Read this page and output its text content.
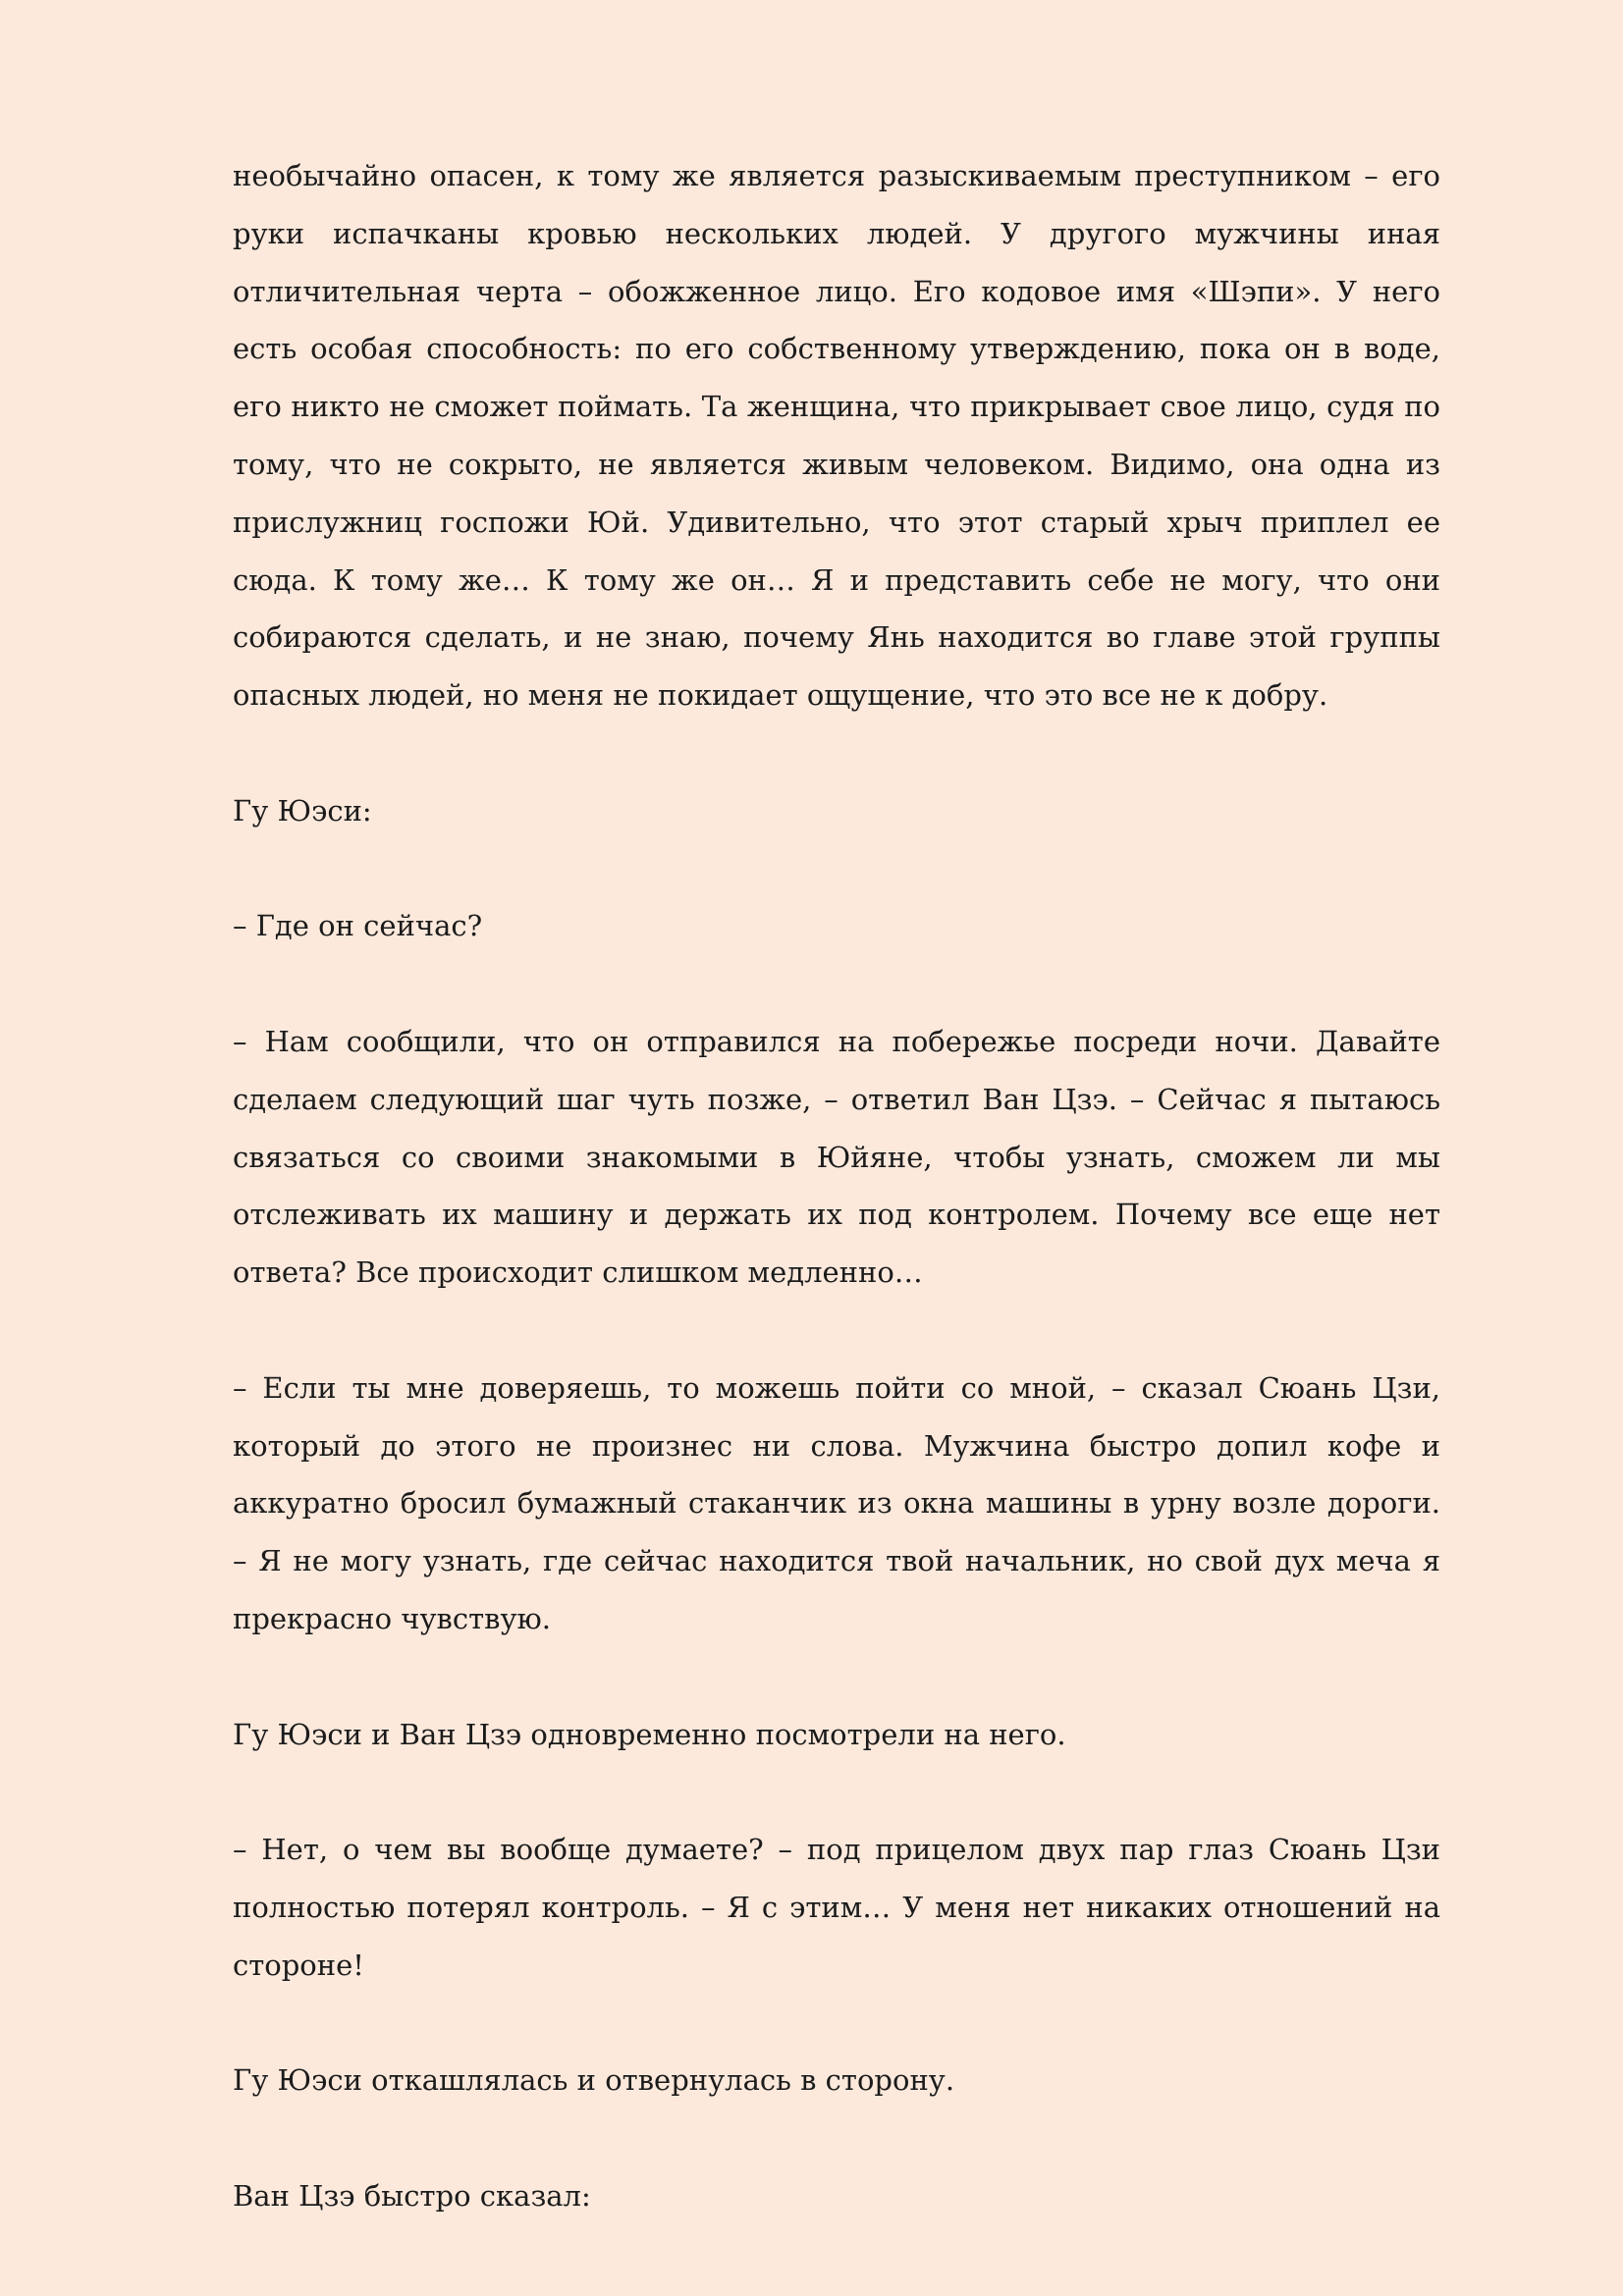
необычайно опасен, к тому же является разыскиваемым преступником – его руки испачканы кровью нескольких людей. У другого мужчины иная отличительная черта – обожженное лицо. Его кодовое имя «Шэпи». У него есть особая способность: по его собственному утверждению, пока он в воде, его никто не сможет поймать. Та женщина, что прикрывает свое лицо, судя по тому, что не сокрыто, не является живым человеком. Видимо, она одна из прислужниц госпожи Юй. Удивительно, что этот старый хрыч приплел ее сюда. К тому же… К тому же он… Я и представить себе не могу, что они собираются сделать, и не знаю, почему Янь находится во главе этой группы опасных людей, но меня не покидает ощущение, что это все не к добру.

Гу Юэси:

– Где он сейчас?

– Нам сообщили, что он отправился на побережье посреди ночи. Давайте сделаем следующий шаг чуть позже, – ответил Ван Цзэ. – Сейчас я пытаюсь связаться со своими знакомыми в Юйяне, чтобы узнать, сможем ли мы отслеживать их машину и держать их под контролем. Почему все еще нет ответа? Все происходит слишком медленно…

– Если ты мне доверяешь, то можешь пойти со мной, – сказал Сюань Цзи, который до этого не произнес ни слова. Мужчина быстро допил кофе и аккуратно бросил бумажный стаканчик из окна машины в урну возле дороги. – Я не могу узнать, где сейчас находится твой начальник, но свой дух меча я прекрасно чувствую.

Гу Юэси и Ван Цзэ одновременно посмотрели на него.

– Нет, о чем вы вообще думаете? – под прицелом двух пар глаз Сюань Цзи полностью потерял контроль. – Я с этим… У меня нет никаких отношений на стороне!

Гу Юэси откашлялась и отвернулась в сторону.

Ван Цзэ быстро сказал:
